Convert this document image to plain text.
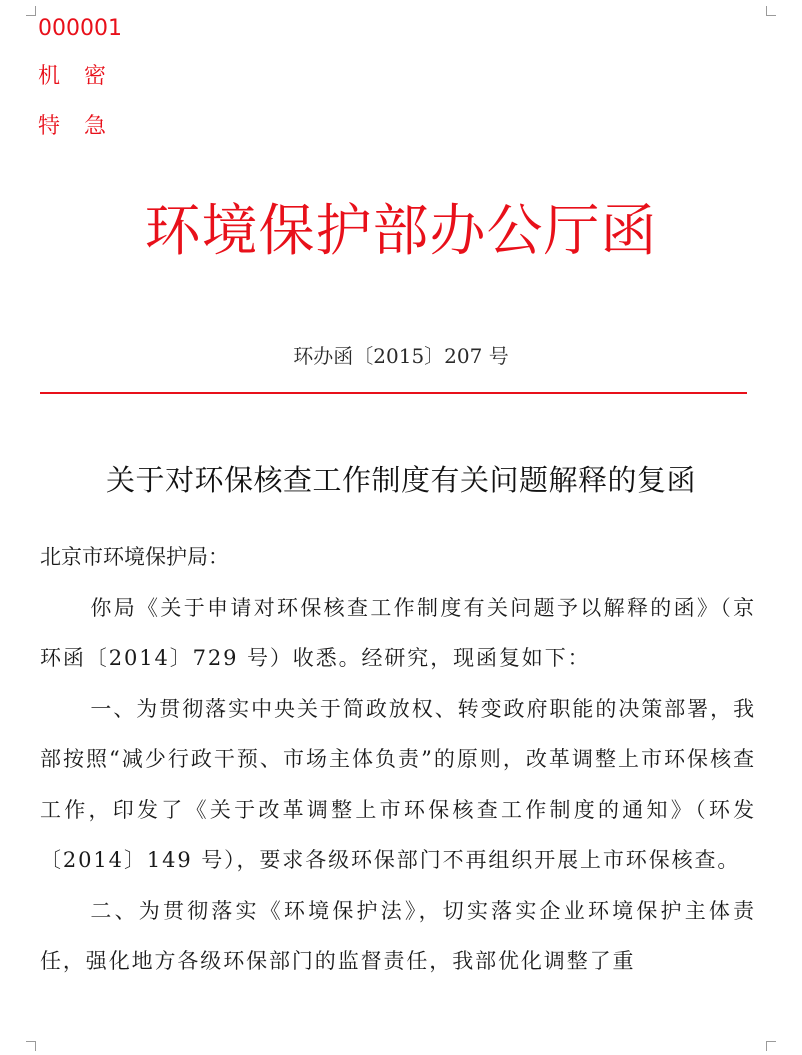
000001
机　密
特　急
环境保护部办公厅函
环办函〔2015〕207 号
关于对环保核查工作制度有关问题解释的复函
北京市环境保护局：

你局《关于申请对环保核查工作制度有关问题予以解释的函》（京环函〔2014〕729 号）收悉。经研究，现函复如下：

一、为贯彻落实中央关于简政放权、转变政府职能的决策部署，我部按照“减少行政干预、市场主体负责”的原则，改革调整上市环保核查工作，印发了《关于改革调整上市环保核查工作制度的通知》（环发〔2014〕149 号），要求各级环保部门不再组织开展上市环保核查。

二、为贯彻落实《环境保护法》，切实落实企业环境保护主体责任，强化地方各级环保部门的监督责任，我部优化调整了重
